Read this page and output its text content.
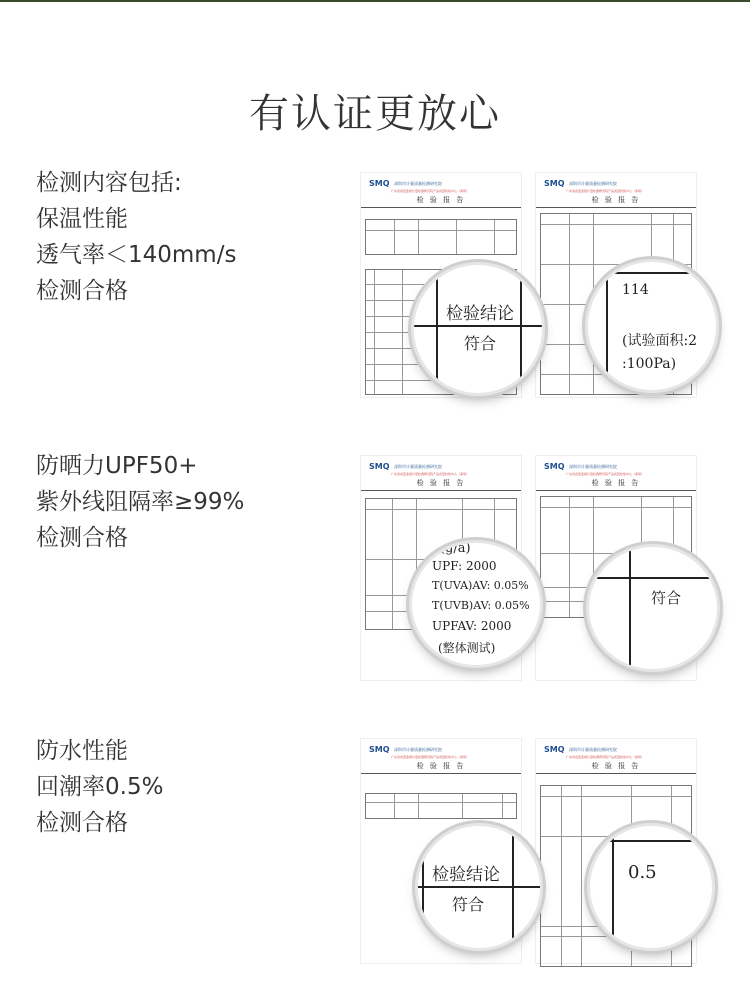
有认证更放心
检测内容包括:
保温性能
透气率＜140mm/s
检测合格
防晒力UPF50+
紫外线阻隔率≥99%
检测合格
防水性能
回潮率0.5%
检测合格
SMQ 深圳市计量质量检测研究院
广东省质量监督计量检测研究院产品质量检验中心（深圳）
检 验 报 告
SMQ 深圳市计量质量检测研究院
广东省质量监督计量检测研究院产品质量检验中心（深圳）
检 验 报 告
检验结论
符合
114
(试验面积:2
:100Pa)
SMQ 深圳市计量质量检测研究院
广东省质量监督计量检测研究院产品质量检验中心（深圳）
检 验 报 告
SMQ 深圳市计量质量检测研究院
广东省质量监督计量检测研究院产品质量检验中心（深圳）
检 验 报 告
(g/a)
UPF: 2000
T(UVA)AV: 0.05%
T(UVB)AV: 0.05%
UPFAV: 2000
(整体测试)
符合
SMQ 深圳市计量质量检测研究院
广东省质量监督计量检测研究院产品质量检验中心（深圳）
检 验 报 告
SMQ 深圳市计量质量检测研究院
广东省质量监督计量检测研究院产品质量检验中心（深圳）
检 验 报 告
检验结论
符合
0.5
